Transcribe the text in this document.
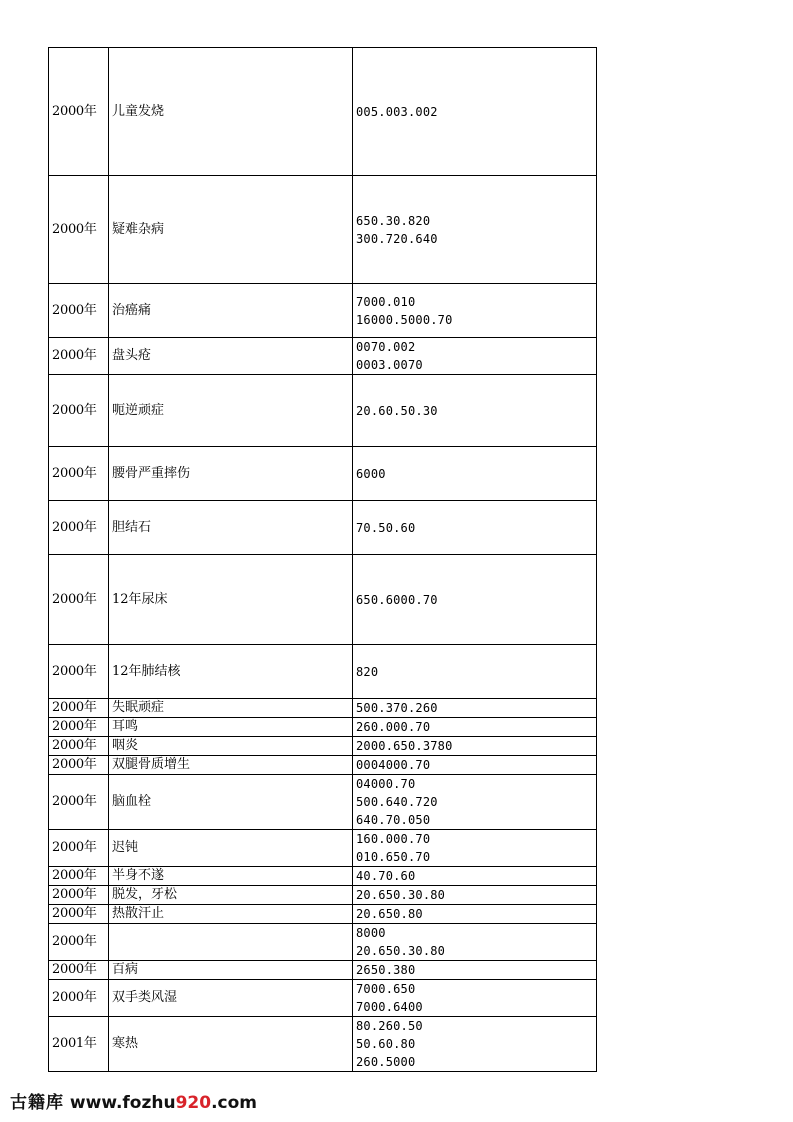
2000年	儿童发烧	005.003.002

2000年	疑难杂病	650.30.820
300.720.640

2000年	治癌痛	7000.010
16000.5000.70

2000年	盘头疮	0070.002
0003.0070

2000年	呃逆顽症	20.60.50.30

2000年	腰骨严重摔伤	6000

2000年	胆结石	70.50.60

2000年	12年尿床	650.6000.70

2000年	12年肺结核	820

2000年	失眠顽症	500.370.260

2000年	耳鸣	260.000.70

2000年	咽炎	2000.650.3780

2000年	双腿骨质增生	0004000.70

2000年	脑血栓	04000.70
500.640.720
640.70.050

2000年	迟钝	160.000.70
010.650.70

2000年	半身不遂	40.70.60

2000年	脱发，牙松	20.650.30.80

2000年	热散汗止	20.650.80

2000年		8000
20.650.30.80

2000年	百病	2650.380

2000年	双手类风湿	7000.650
7000.6400

2001年	寒热	80.260.50
50.60.80
260.5000
古籍库 www.fozhu920.com
